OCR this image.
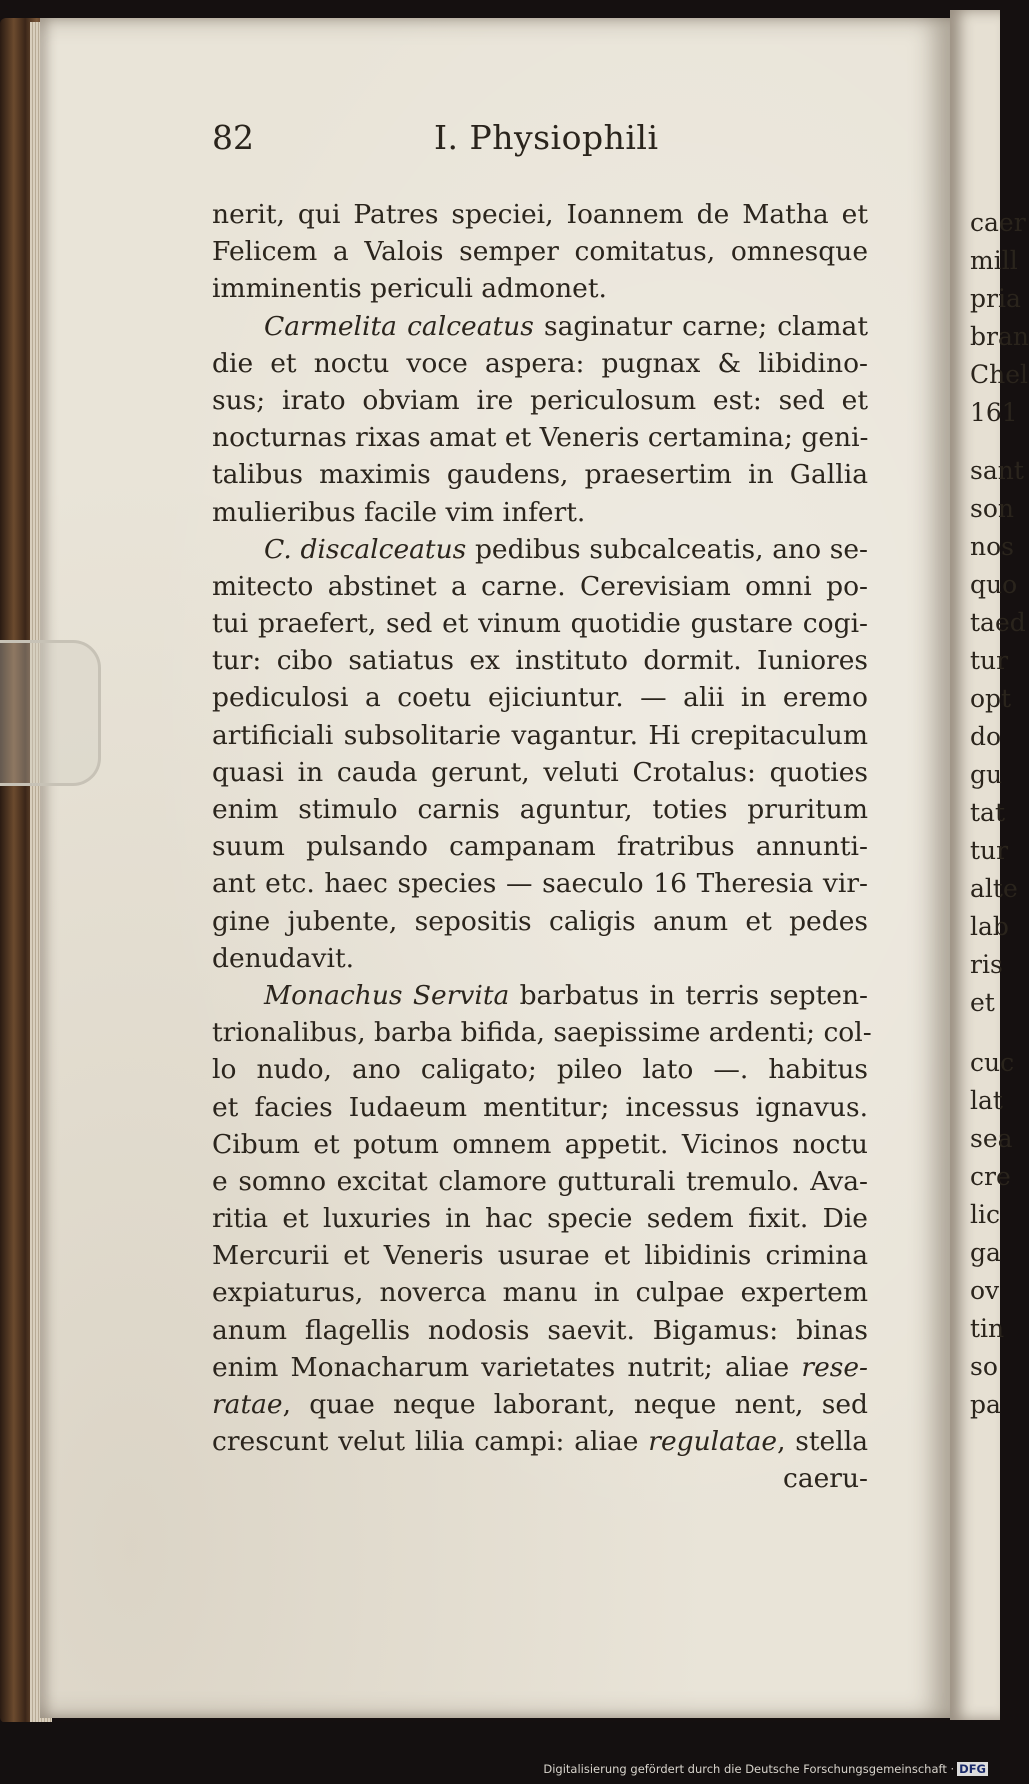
caer
mill
pria
bran
Chel
161
sant
son
nos
quo
taed
tur
opt
do
gu
tat
tur
alte
lab
ris
et
cuc
lat
sea
cre
lic
ga
ov
tin
so
pa
82	I. Physiophili
nerit, qui Patres speciei, Ioannem de Matha et
Felicem a Valois semper comitatus, omnesque
imminentis periculi admonet.
Carmelita calceatus saginatur carne; clamat
die et noctu voce aspera: pugnax & libidino-
sus; irato obviam ire periculosum est: sed et
nocturnas rixas amat et Veneris certamina; geni-
talibus maximis gaudens, praesertim in Gallia
mulieribus facile vim infert.
C. discalceatus pedibus subcalceatis, ano se-
mitecto abstinet a carne. Cerevisiam omni po-
tui praefert, sed et vinum quotidie gustare cogi-
tur: cibo satiatus ex instituto dormit. Iuniores
pediculosi a coetu ejiciuntur. — alii in eremo
artificiali subsolitarie vagantur. Hi crepitaculum
quasi in cauda gerunt, veluti Crotalus: quoties
enim stimulo carnis aguntur, toties pruritum
suum pulsando campanam fratribus annunti-
ant etc. haec species — saeculo 16 Theresia vir-
gine jubente, sepositis caligis anum et pedes
denudavit.
Monachus Servita barbatus in terris septen-
trionalibus, barba bifida, saepissime ardenti; col-
lo nudo, ano caligato; pileo lato —. habitus
et facies Iudaeum mentitur; incessus ignavus.
Cibum et potum omnem appetit. Vicinos noctu
e somno excitat clamore gutturali tremulo. Ava-
ritia et luxuries in hac specie sedem fixit. Die
Mercurii et Veneris usurae et libidinis crimina
expiaturus, noverca manu in culpae expertem
anum flagellis nodosis saevit. Bigamus: binas
enim Monacharum varietates nutrit; aliae rese-
ratae, quae neque laborant, neque nent, sed
crescunt velut lilia campi: aliae regulatae, stella
caeru-
Digitalisierung gefördert durch die Deutsche Forschungsgemeinschaft · DFG
